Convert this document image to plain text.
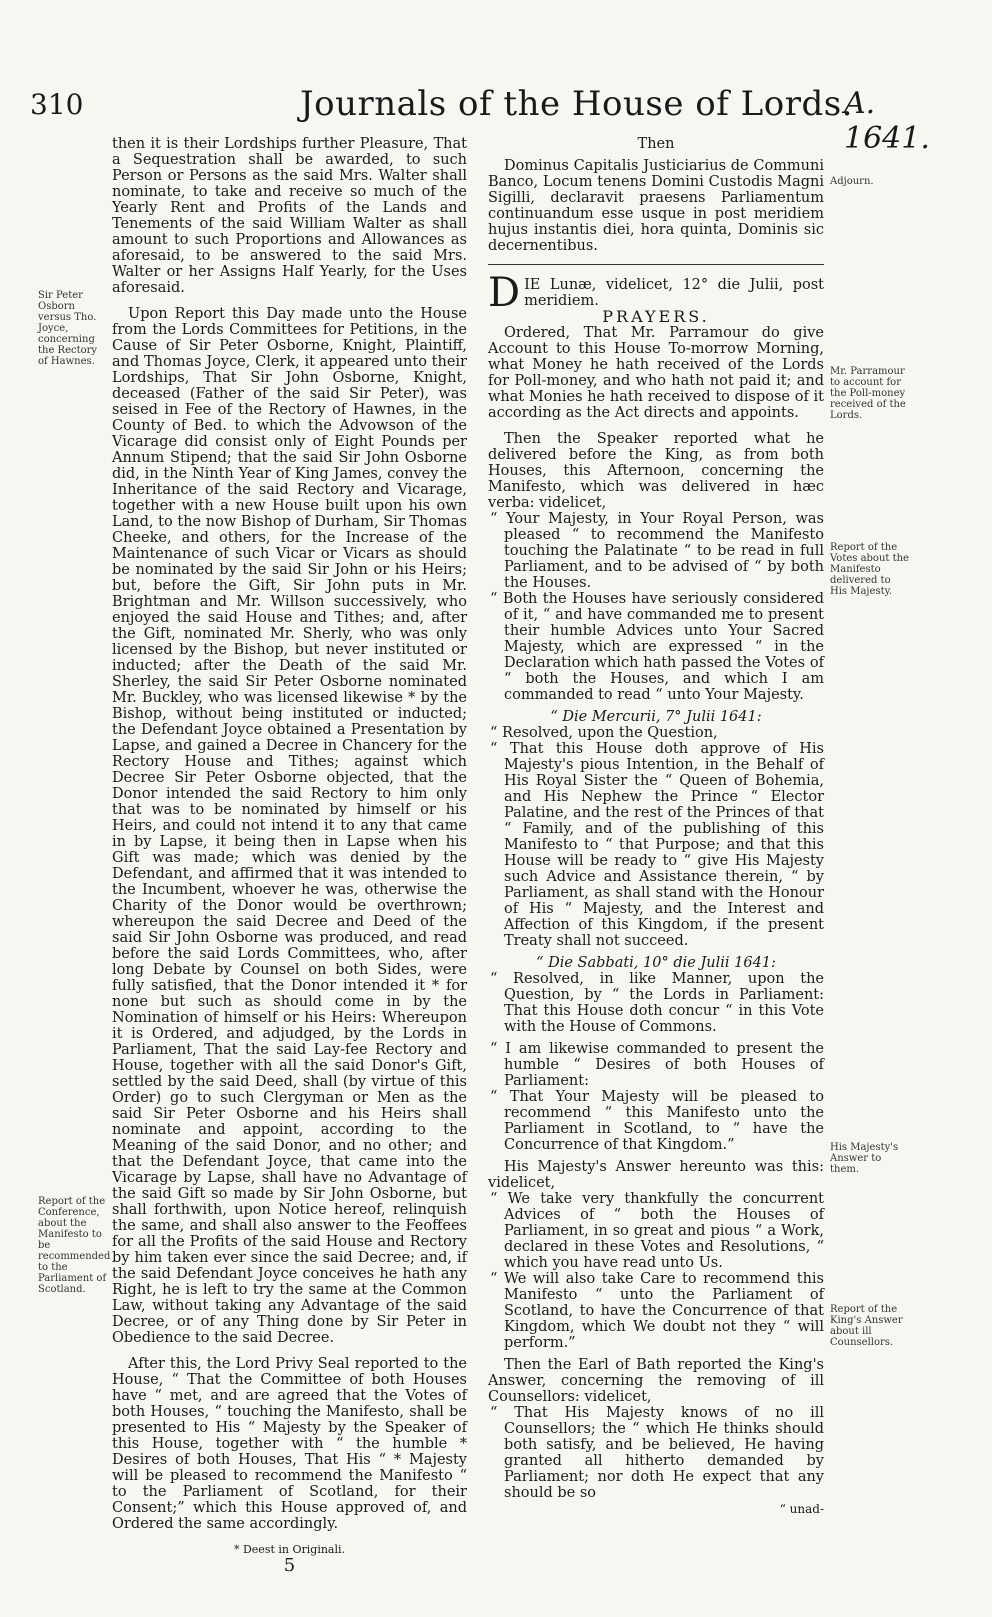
310	Journals of the House of Lords.
A. 1641.
Sir Peter Osborn versus Tho. Joyce, concerning the Rectory of Hawnes.
Report of the Conference, about the Manifesto to be recommended to the Parliament of Scotland.

then it is their Lordships further Pleasure, That a Sequestration shall be awarded, to such Person or Persons as the said Mrs. Walter shall nominate, to take and receive so much of the Yearly Rent and Profits of the Lands and Tenements of the said William Walter as shall amount to such Proportions and Allowances as aforesaid, to be answered to the said Mrs. Walter or her Assigns Half Yearly, for the Uses aforesaid.

Upon Report this Day made unto the House from the Lords Committees for Petitions, in the Cause of Sir Peter Osborne, Knight, Plaintiff, and Thomas Joyce, Clerk, it appeared unto their Lordships, That Sir John Osborne, Knight, deceased (Father of the said Sir Peter), was seised in Fee of the Rectory of Hawnes, in the County of Bed. to which the Advowson of the Vicarage did consist only of Eight Pounds per Annum Stipend; that the said Sir John Osborne did, in the Ninth Year of King James, convey the Inheritance of the said Rectory and Vicarage, together with a new House built upon his own Land, to the now Bishop of Durham, Sir Thomas Cheeke, and others, for the Increase of the Maintenance of such Vicar or Vicars as should be nominated by the said Sir John or his Heirs; but, before the Gift, Sir John puts in Mr. Brightman and Mr. Willson successively, who enjoyed the said House and Tithes; and, after the Gift, nominated Mr. Sherly, who was only licensed by the Bishop, but never instituted or inducted; after the Death of the said Mr. Sherley, the said Sir Peter Osborne nominated Mr. Buckley, who was licensed likewise * by the Bishop, without being instituted or inducted; the Defendant Joyce obtained a Presentation by Lapse, and gained a Decree in Chancery for the Rectory House and Tithes; against which Decree Sir Peter Osborne objected, that the Donor intended the said Rectory to him only that was to be nominated by himself or his Heirs, and could not intend it to any that came in by Lapse, it being then in Lapse when his Gift was made; which was denied by the Defendant, and affirmed that it was intended to the Incumbent, whoever he was, otherwise the Charity of the Donor would be overthrown; whereupon the said Decree and Deed of the said Sir John Osborne was produced, and read before the said Lords Committees, who, after long Debate by Counsel on both Sides, were fully satisfied, that the Donor intended it * for none but such as should come in by the Nomination of himself or his Heirs: Whereupon it is Ordered, and adjudged, by the Lords in Parliament, That the said Lay-fee Rectory and House, together with all the said Donor's Gift, settled by the said Deed, shall (by virtue of this Order) go to such Clergyman or Men as the said Sir Peter Osborne and his Heirs shall nominate and appoint, according to the Meaning of the said Donor, and no other; and that the Defendant Joyce, that came into the Vicarage by Lapse, shall have no Advantage of the said Gift so made by Sir John Osborne, but shall forthwith, upon Notice hereof, relinquish the same, and shall also answer to the Feoffees for all the Profits of the said House and Rectory by him taken ever since the said Decree; and, if the said Defendant Joyce conceives he hath any Right, he is left to try the same at the Common Law, without taking any Advantage of the said Decree, or of any Thing done by Sir Peter in Obedience to the said Decree.

After this, the Lord Privy Seal reported to the House, “ That the Committee of both Houses have “ met, and are agreed that the Votes of both Houses, “ touching the Manifesto, shall be presented to His “ Majesty by the Speaker of this House, together with “ the humble * Desires of both Houses, That His “ * Majesty will be pleased to recommend the Manifesto “ to the Parliament of Scotland, for their Consent;” which this House approved of, and Ordered the same accordingly.

* Deest in Originali.

5

Adjourn.
Mr. Parramour to account for the Poll-money received of the Lords.
Report of the Votes about the Manifesto delivered to His Majesty.
His Majesty's Answer to them.
Report of the King's Answer about ill Counsellors.

Then

Dominus Capitalis Justiciarius de Communi Banco, Locum tenens Domini Custodis Magni Sigilli, declaravit praesens Parliamentum continuandum esse usque in post meridiem hujus instantis diei, hora quinta, Dominis sic decernentibus.

DIE Lunæ, videlicet, 12° die Julii, post meridiem.

PRAYERS.

Ordered, That Mr. Parramour do give Account to this House To-morrow Morning, what Money he hath received of the Lords for Poll-money, and who hath not paid it; and what Monies he hath received to dispose of it according as the Act directs and appoints.

Then the Speaker reported what he delivered before the King, as from both Houses, this Afternoon, concerning the Manifesto, which was delivered in hæc verba: videlicet,

“ Your Majesty, in Your Royal Person, was pleased “ to recommend the Manifesto touching the Palatinate “ to be read in full Parliament, and to be advised of “ by both the Houses.

“ Both the Houses have seriously considered of it, “ and have commanded me to present their humble Advices unto Your Sacred Majesty, which are expressed “ in the Declaration which hath passed the Votes of “ both the Houses, and which I am commanded to read “ unto Your Majesty.

“ Die Mercurii, 7° Julii 1641:

“ Resolved, upon the Question,

“ That this House doth approve of His Majesty's pious Intention, in the Behalf of His Royal Sister the “ Queen of Bohemia, and His Nephew the Prince “ Elector Palatine, and the rest of the Princes of that “ Family, and of the publishing of this Manifesto to “ that Purpose; and that this House will be ready to “ give His Majesty such Advice and Assistance therein, “ by Parliament, as shall stand with the Honour of His “ Majesty, and the Interest and Affection of this Kingdom, if the present Treaty shall not succeed.

“ Die Sabbati, 10° die Julii 1641:

“ Resolved, in like Manner, upon the Question, by “ the Lords in Parliament: That this House doth concur “ in this Vote with the House of Commons.

“ I am likewise commanded to present the humble “ Desires of both Houses of Parliament:

“ That Your Majesty will be pleased to recommend “ this Manifesto unto the Parliament in Scotland, to “ have the Concurrence of that Kingdom.”

His Majesty's Answer hereunto was this: videlicet,

“ We take very thankfully the concurrent Advices of “ both the Houses of Parliament, in so great and pious “ a Work, declared in these Votes and Resolutions, “ which you have read unto Us.

“ We will also take Care to recommend this Manifesto “ unto the Parliament of Scotland, to have the Concurrence of that Kingdom, which We doubt not they “ will perform.”

Then the Earl of Bath reported the King's Answer, concerning the removing of ill Counsellors: videlicet,

“ That His Majesty knows of no ill Counsellors; the “ which He thinks should both satisfy, and be believed, He having granted all hitherto demanded by Parliament; nor doth He expect that any should be so

“ unad-
